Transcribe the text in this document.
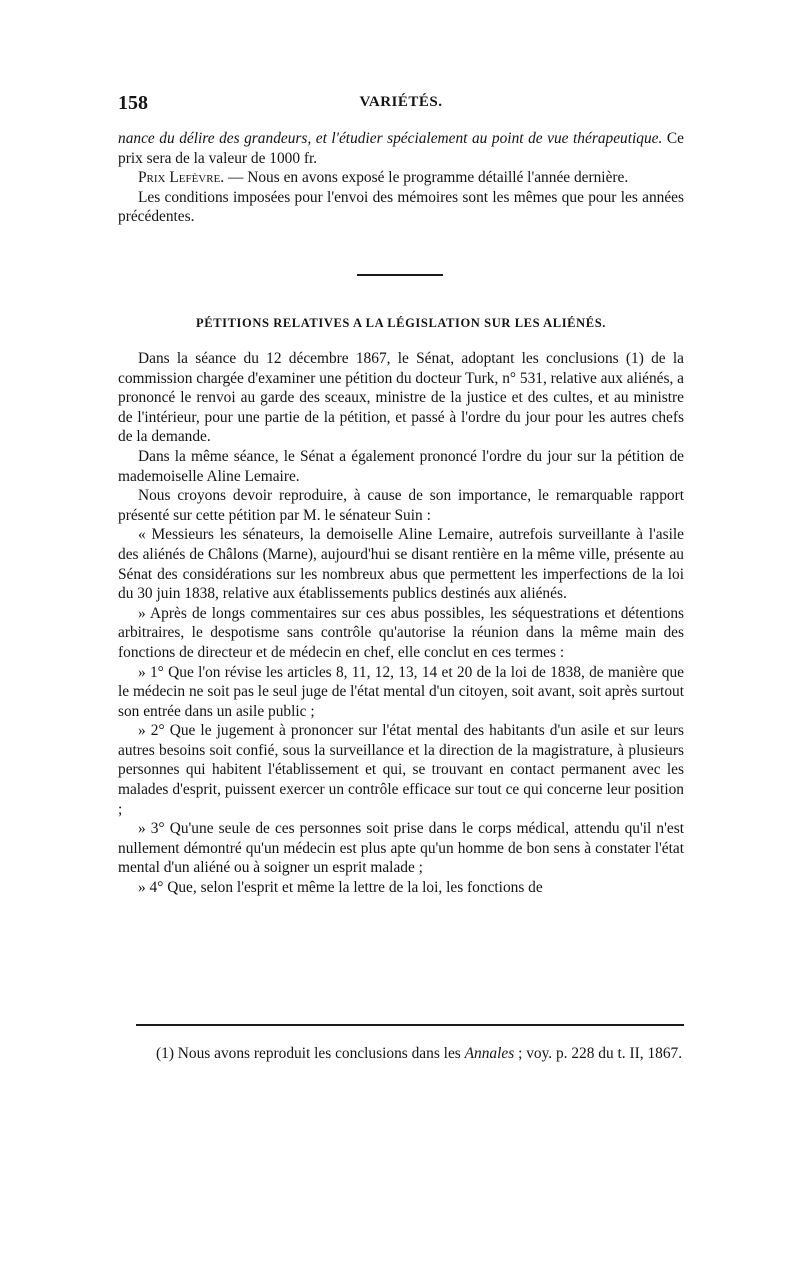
158	VARIÉTÉS.

nance du délire des grandeurs, et l'étudier spécialement au point de vue thérapeutique. Ce prix sera de la valeur de 1000 fr.

Prix Lefèvre. — Nous en avons exposé le programme détaillé l'année dernière.

Les conditions imposées pour l'envoi des mémoires sont les mêmes que pour les années précédentes.

PÉTITIONS RELATIVES A LA LÉGISLATION SUR LES ALIÉNÉS.

Dans la séance du 12 décembre 1867, le Sénat, adoptant les conclusions (1) de la commission chargée d'examiner une pétition du docteur Turk, n° 531, relative aux aliénés, a prononcé le renvoi au garde des sceaux, ministre de la justice et des cultes, et au ministre de l'intérieur, pour une partie de la pétition, et passé à l'ordre du jour pour les autres chefs de la demande.

Dans la même séance, le Sénat a également prononcé l'ordre du jour sur la pétition de mademoiselle Aline Lemaire.

Nous croyons devoir reproduire, à cause de son importance, le remarquable rapport présenté sur cette pétition par M. le sénateur Suin :

« Messieurs les sénateurs, la demoiselle Aline Lemaire, autrefois surveillante à l'asile des aliénés de Châlons (Marne), aujourd'hui se disant rentière en la même ville, présente au Sénat des considérations sur les nombreux abus que permettent les imperfections de la loi du 30 juin 1838, relative aux établissements publics destinés aux aliénés.

» Après de longs commentaires sur ces abus possibles, les séquestrations et détentions arbitraires, le despotisme sans contrôle qu'autorise la réunion dans la même main des fonctions de directeur et de médecin en chef, elle conclut en ces termes :

» 1° Que l'on révise les articles 8, 11, 12, 13, 14 et 20 de la loi de 1838, de manière que le médecin ne soit pas le seul juge de l'état mental d'un citoyen, soit avant, soit après surtout son entrée dans un asile public ;

» 2° Que le jugement à prononcer sur l'état mental des habitants d'un asile et sur leurs autres besoins soit confié, sous la surveillance et la direction de la magistrature, à plusieurs personnes qui habitent l'établissement et qui, se trouvant en contact permanent avec les malades d'esprit, puissent exercer un contrôle efficace sur tout ce qui concerne leur position ;

» 3° Qu'une seule de ces personnes soit prise dans le corps médical, attendu qu'il n'est nullement démontré qu'un médecin est plus apte qu'un homme de bon sens à constater l'état mental d'un aliéné ou à soigner un esprit malade ;

» 4° Que, selon l'esprit et même la lettre de la loi, les fonctions de

(1) Nous avons reproduit les conclusions dans les Annales ; voy. p. 228 du t. II, 1867.
